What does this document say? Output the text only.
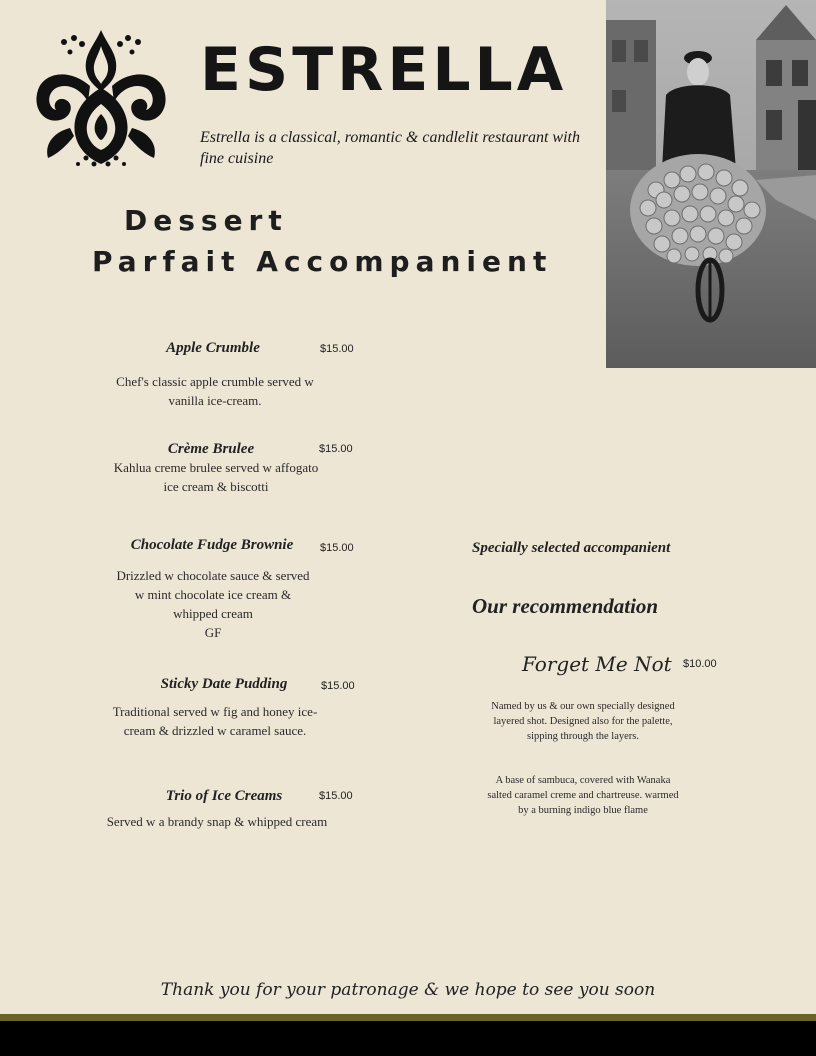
ESTRELLA
Estrella is a classical, romantic & candlelit restaurant with fine cuisine
Dessert
Parfait Accompanient
Apple Crumble	$15.00
Chef's classic apple crumble served w vanilla ice-cream.
Crème Brulee	$15.00
Kahlua creme brulee served w affogato ice cream & biscotti
Chocolate Fudge Brownie	$15.00
Drizzled w chocolate sauce & served w mint chocolate ice cream & whipped cream
GF
Sticky Date Pudding	$15.00
Traditional served w fig and honey ice-cream & drizzled w caramel sauce.
Trio of Ice Creams	$15.00
Served w a brandy snap & whipped cream
Specially selected accompanient
Our recommendation
Forget Me Not $10.00
Named by us & our own specially designed layered shot. Designed also for the palette, sipping through the layers.
A base of sambuca, covered with Wanaka salted caramel creme and chartreuse. warmed by a burning indigo blue flame
Thank you for your patronage & we hope to see you soon
